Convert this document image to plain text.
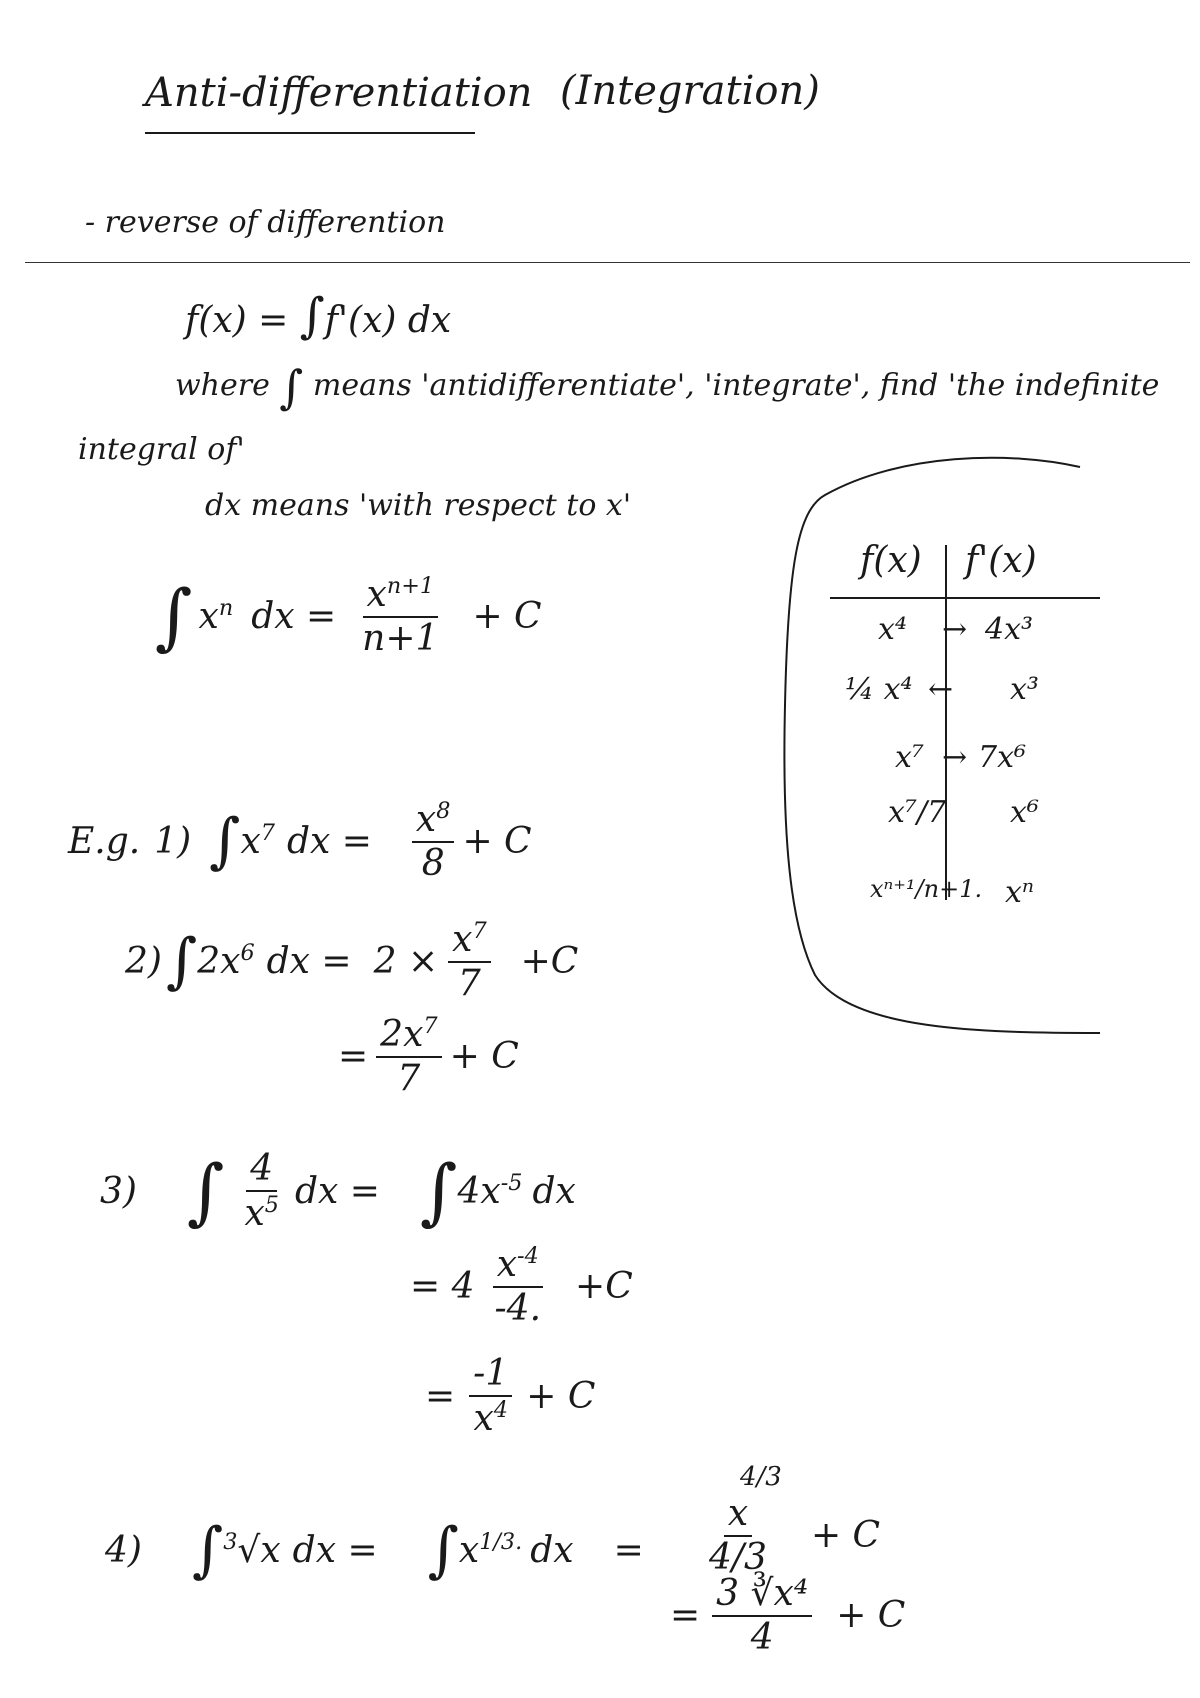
Anti-differentiation (Integration)
- reverse of differention
f(x) = ∫f'(x) dx
where ∫ means 'antidifferentiate', 'integrate', find 'the indefinite
integral of'
dx means 'with respect to x'
∫ $x^n$ dx = $\frac{x^{n+1}}{n+1} + C$
f(x) f'(x)
x⁴ → 4x³
¼ x⁴ ← x³
x⁷ → 7x⁶
x⁷/7 x⁶
xⁿ⁺¹/n+1. xⁿ
E.g. 1) ∫ $x^7$ dx = $\frac{x^8}{8} + C$
2) ∫ $2x^6$ dx = $2 \times \frac{x^7}{7} +C$
= $\frac{2x^7}{7} + C$
3) ∫ $\frac{4}{x^5}$ dx = ∫ $4x^{-5}$ dx
= $4 \frac{x^{-4}}{-4.} +C$
= $\frac{-1}{x^4} + C$
4) ∫ $^3$√x dx = ∫ $x^{1/3.}$ dx =
4/3
$\frac{x}{4/3} + C$
= $\frac{\text{3 ∛x⁴}}{4} + C$
